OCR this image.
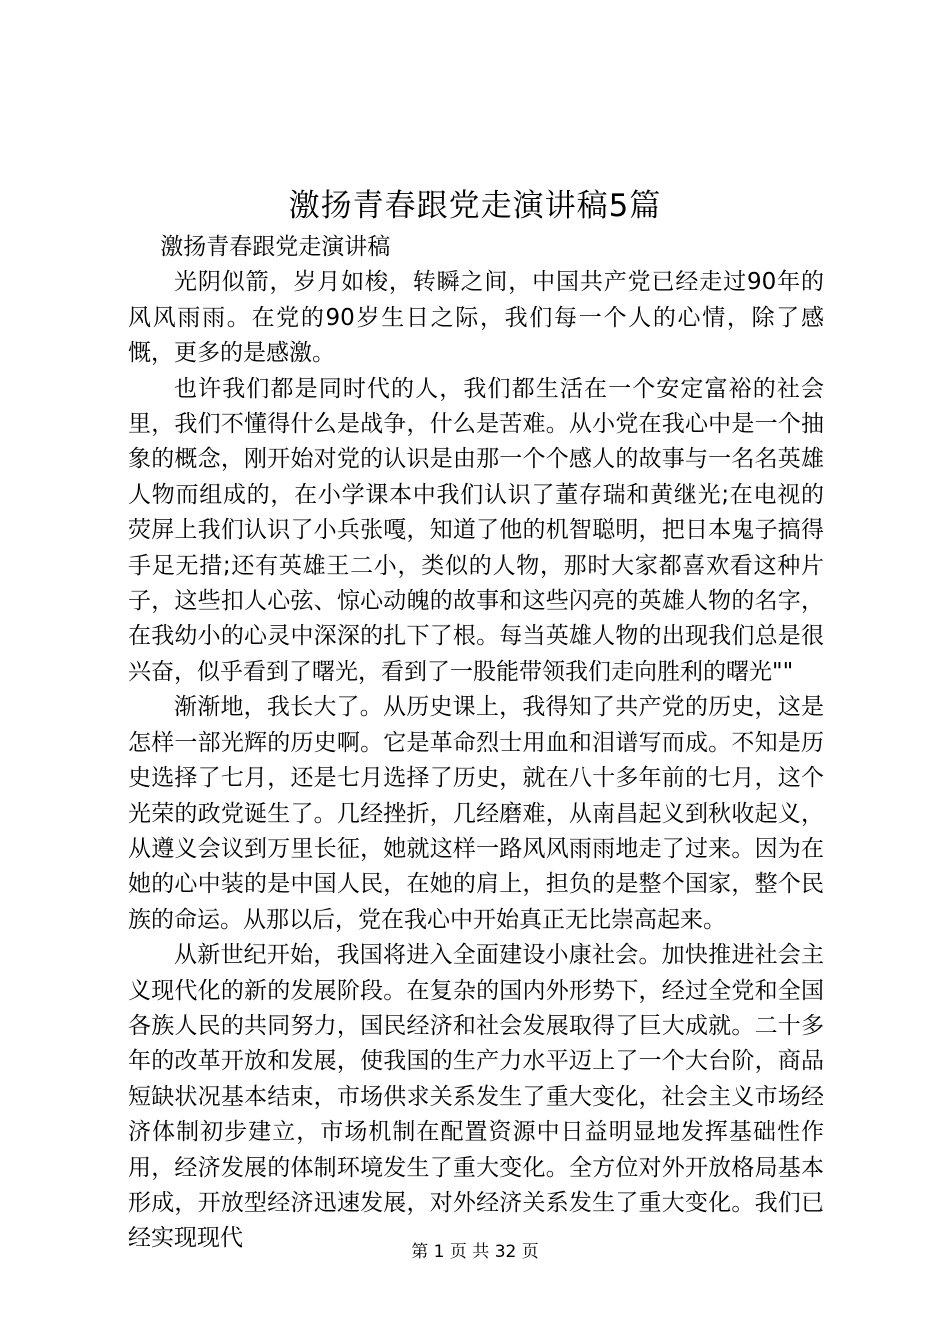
激扬青春跟党走演讲稿5篇

激扬青春跟党走演讲稿

光阴似箭，岁月如梭，转瞬之间，中国共产党已经走过90年的风风雨雨。在党的90岁生日之际，我们每一个人的心情，除了感慨，更多的是感激。

也许我们都是同时代的人，我们都生活在一个安定富裕的社会里，我们不懂得什么是战争，什么是苦难。从小党在我心中是一个抽象的概念，刚开始对党的认识是由那一个个感人的故事与一名名英雄人物而组成的，在小学课本中我们认识了董存瑞和黄继光;在电视的荧屏上我们认识了小兵张嘎，知道了他的机智聪明，把日本鬼子搞得手足无措;还有英雄王二小，类似的人物，那时大家都喜欢看这种片子，这些扣人心弦、惊心动魄的故事和这些闪亮的英雄人物的名字，在我幼小的心灵中深深的扎下了根。每当英雄人物的出现我们总是很兴奋，似乎看到了曙光，看到了一股能带领我们走向胜利的曙光""

渐渐地，我长大了。从历史课上，我得知了共产党的历史，这是怎样一部光辉的历史啊。它是革命烈士用血和泪谱写而成。不知是历史选择了七月，还是七月选择了历史，就在八十多年前的七月，这个光荣的政党诞生了。几经挫折，几经磨难，从南昌起义到秋收起义，从遵义会议到万里长征，她就这样一路风风雨雨地走了过来。因为在她的心中装的是中国人民，在她的肩上，担负的是整个国家，整个民族的命运。从那以后，党在我心中开始真正无比崇高起来。

从新世纪开始，我国将进入全面建设小康社会。加快推进社会主义现代化的新的发展阶段。在复杂的国内外形势下，经过全党和全国各族人民的共同努力，国民经济和社会发展取得了巨大成就。二十多年的改革开放和发展，使我国的生产力水平迈上了一个大台阶，商品短缺状况基本结束，市场供求关系发生了重大变化，社会主义市场经济体制初步建立，市场机制在配置资源中日益明显地发挥基础性作用，经济发展的体制环境发生了重大变化。全方位对外开放格局基本形成，开放型经济迅速发展，对外经济关系发生了重大变化。我们已经实现现代

第 1 页 共 32 页
